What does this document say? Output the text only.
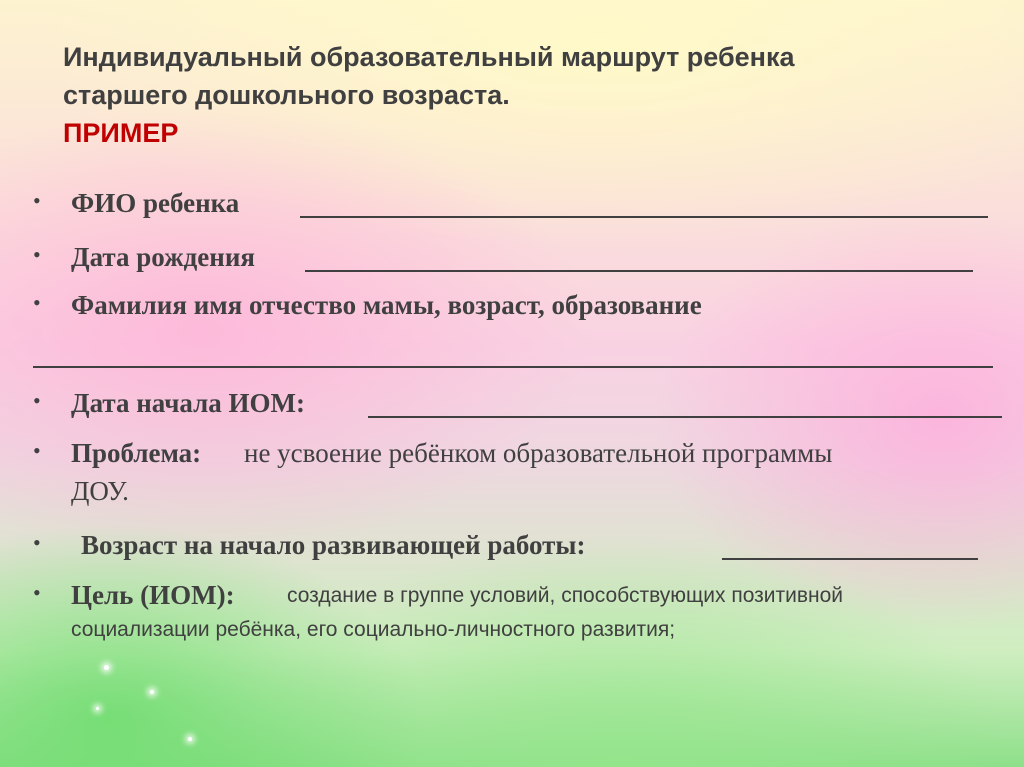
Индивидуальный образовательный маршрут ребенка
старшего дошкольного возраста.
ПРИМЕР
• ФИО ребенка
• Дата рождения
• Фамилия имя отчество мамы, возраст, образование
• Дата начала ИОМ:
• Проблема: не усвоение ребёнком образовательной программы
ДОУ.
• Возраст на начало развивающей работы:
• Цель (ИОМ): создание в группе условий, способствующих позитивной
социализации ребёнка, его социально-личностного развития;
